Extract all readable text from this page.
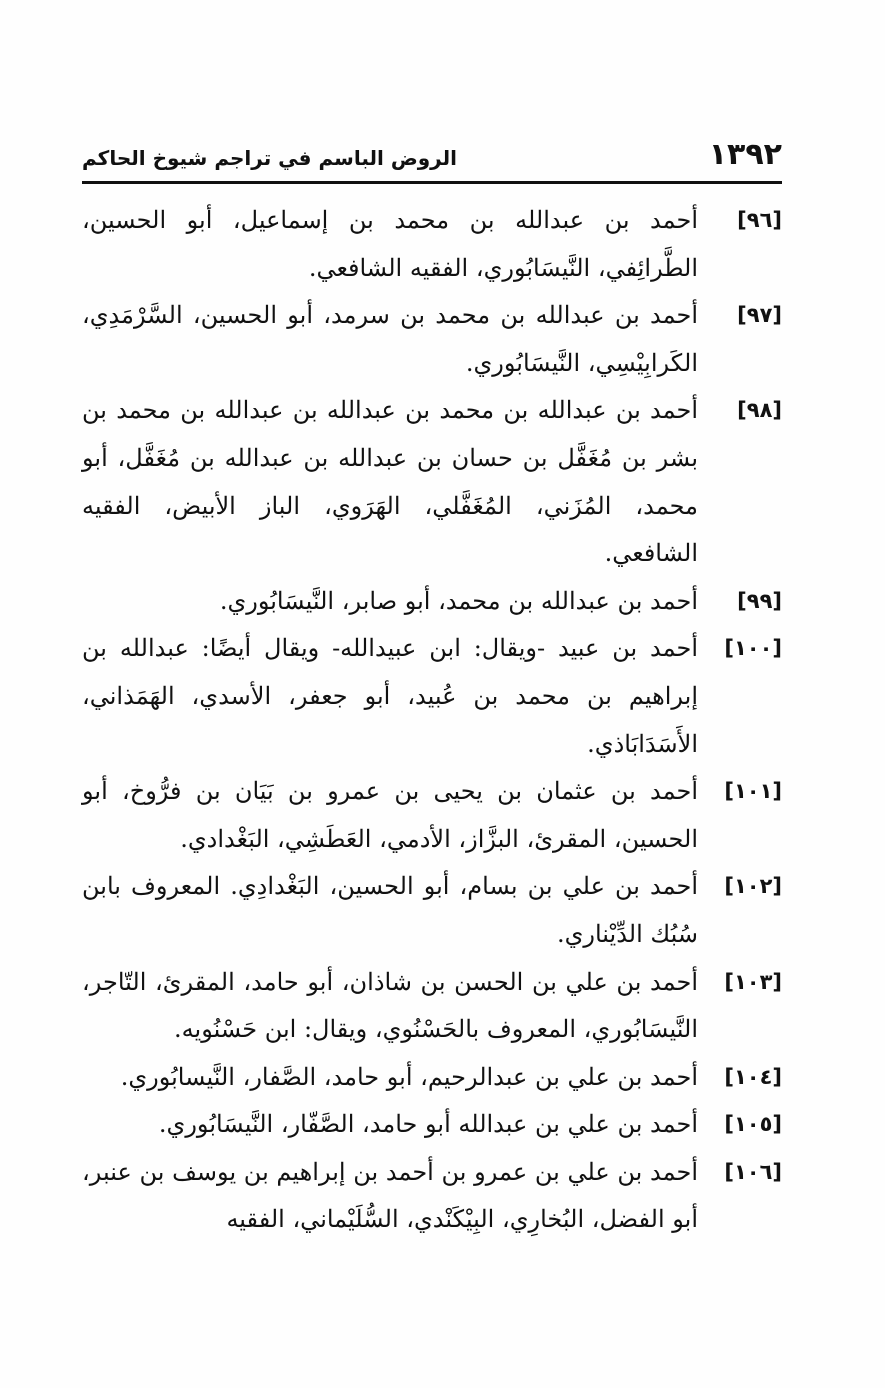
١٣٩٢
الروض الباسم في تراجم شيوخ الحاكم
[٩٦]
أحمد بن عبدالله بن محمد بن إسماعيل، أبو الحسين، الطَّرائِفي، النَّيسَابُوري، الفقيه الشافعي.
[٩٧]
أحمد بن عبدالله بن محمد بن سرمد، أبو الحسين، السَّرْمَدِي، الكَرابِيْسِي، النَّيسَابُوري.
[٩٨]
أحمد بن عبدالله بن محمد بن عبدالله بن عبدالله بن محمد بن بشر بن مُغَفَّل بن حسان بن عبدالله بن عبدالله بن مُغَفَّل، أبو محمد، المُزَني، المُغَفَّلي، الهَرَوي، الباز الأبيض، الفقيه الشافعي.
[٩٩]
أحمد بن عبدالله بن محمد، أبو صابر، النَّيسَابُوري.
[١٠٠]
أحمد بن عبيد -ويقال: ابن عبيدالله- ويقال أيضًا: عبدالله بن إبراهيم بن محمد بن عُبيد، أبو جعفر، الأسدي، الهَمَذاني، الأَسَدَابَاذي.
[١٠١]
أحمد بن عثمان بن يحيى بن عمرو بن بَيَان بن فرُّوخ، أبو الحسين، المقرئ، البزَّاز، الأدمي، العَطَشِي، البَغْدادي.
[١٠٢]
أحمد بن علي بن بسام، أبو الحسين، البَغْدادِي. المعروف بابن سُبُك الدِّيْناري.
[١٠٣]
أحمد بن علي بن الحسن بن شاذان، أبو حامد، المقرئ، التّاجر، النَّيسَابُوري، المعروف بالحَسْنُوي، ويقال: ابن حَسْنُويه.
[١٠٤]
أحمد بن علي بن عبدالرحيم، أبو حامد، الصَّفار، النَّيسابُوري.
[١٠٥]
أحمد بن علي بن عبدالله أبو حامد، الصَّفّار، النَّيسَابُوري.
[١٠٦]
أحمد بن علي بن عمرو بن أحمد بن إبراهيم بن يوسف بن عنبر، أبو الفضل، البُخارِي، البِيْكَنْدي، السُّلَيْماني، الفقيه
